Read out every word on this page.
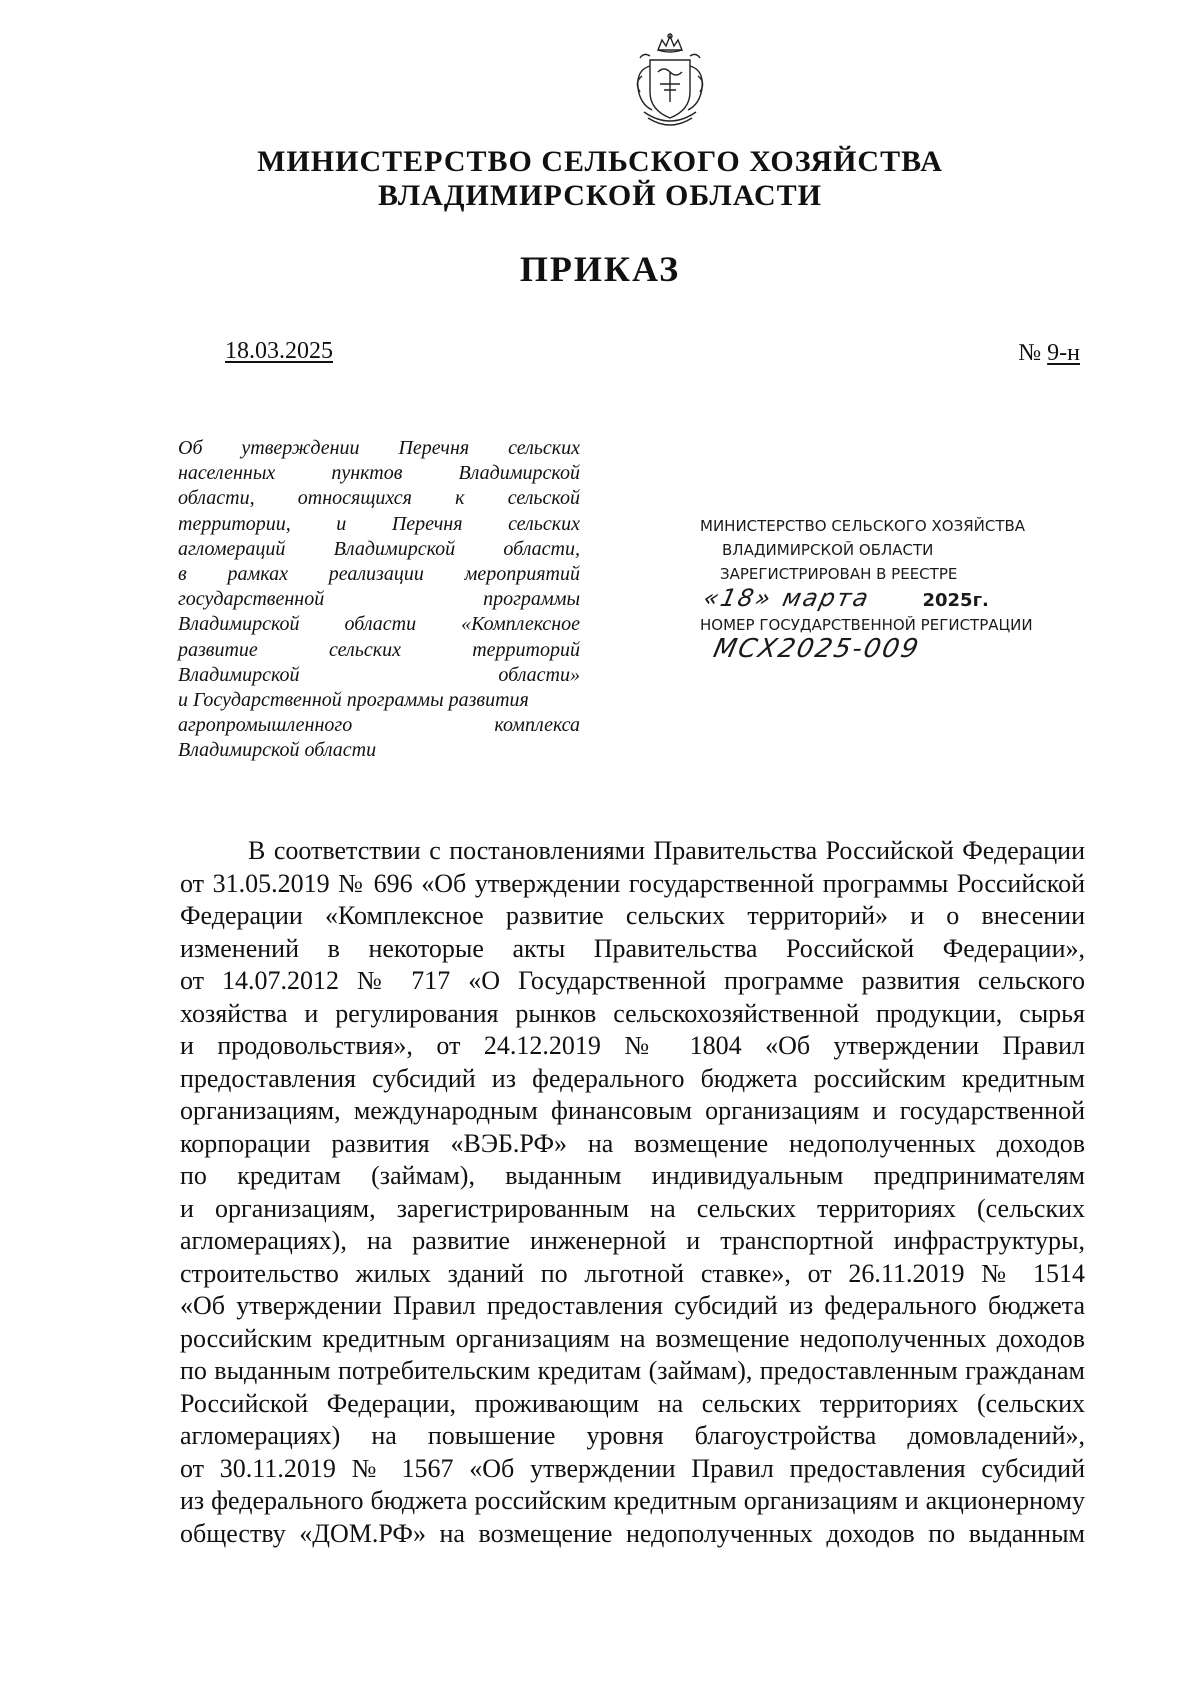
МИНИСТЕРСТВО СЕЛЬСКОГО ХОЗЯЙСТВА
ВЛАДИМИРСКОЙ ОБЛАСТИ
ПРИКАЗ
18.03.2025	№ 9-н
Об утверждении Перечня сельских
населенных пунктов Владимирской
области, относящихся к сельской
территории, и Перечня сельских
агломераций Владимирской области,
в рамках реализации мероприятий
государственной программы
Владимирской области «Комплексное
развитие сельских территорий
Владимирской области»
и Государственной программы развития
агропромышленного комплекса
Владимирской области
МИНИСТЕРСТВО СЕЛЬСКОГО ХОЗЯЙСТВА
ВЛАДИМИРСКОЙ ОБЛАСТИ
ЗАРЕГИСТРИРОВАН В РЕЕСТРЕ
«18» марта	2025г.
НОМЕР ГОСУДАРСТВЕННОЙ РЕГИСТРАЦИИ
МСХ2025-009
В соответствии с постановлениями Правительства Российской Федерации
от 31.05.2019 № 696 «Об утверждении государственной программы Российской
Федерации «Комплексное развитие сельских территорий» и о внесении
изменений в некоторые акты Правительства Российской Федерации»,
от 14.07.2012 № 717 «О Государственной программе развития сельского
хозяйства и регулирования рынков сельскохозяйственной продукции, сырья
и продовольствия», от 24.12.2019 № 1804 «Об утверждении Правил
предоставления субсидий из федерального бюджета российским кредитным
организациям, международным финансовым организациям и государственной
корпорации развития «ВЭБ.РФ» на возмещение недополученных доходов
по кредитам (займам), выданным индивидуальным предпринимателям
и организациям, зарегистрированным на сельских территориях (сельских
агломерациях), на развитие инженерной и транспортной инфраструктуры,
строительство жилых зданий по льготной ставке», от 26.11.2019 № 1514
«Об утверждении Правил предоставления субсидий из федерального бюджета
российским кредитным организациям на возмещение недополученных доходов
по выданным потребительским кредитам (займам), предоставленным гражданам
Российской Федерации, проживающим на сельских территориях (сельских
агломерациях) на повышение уровня благоустройства домовладений»,
от 30.11.2019 № 1567 «Об утверждении Правил предоставления субсидий
из федерального бюджета российским кредитным организациям и акционерному
обществу «ДОМ.РФ» на возмещение недополученных доходов по выданным
